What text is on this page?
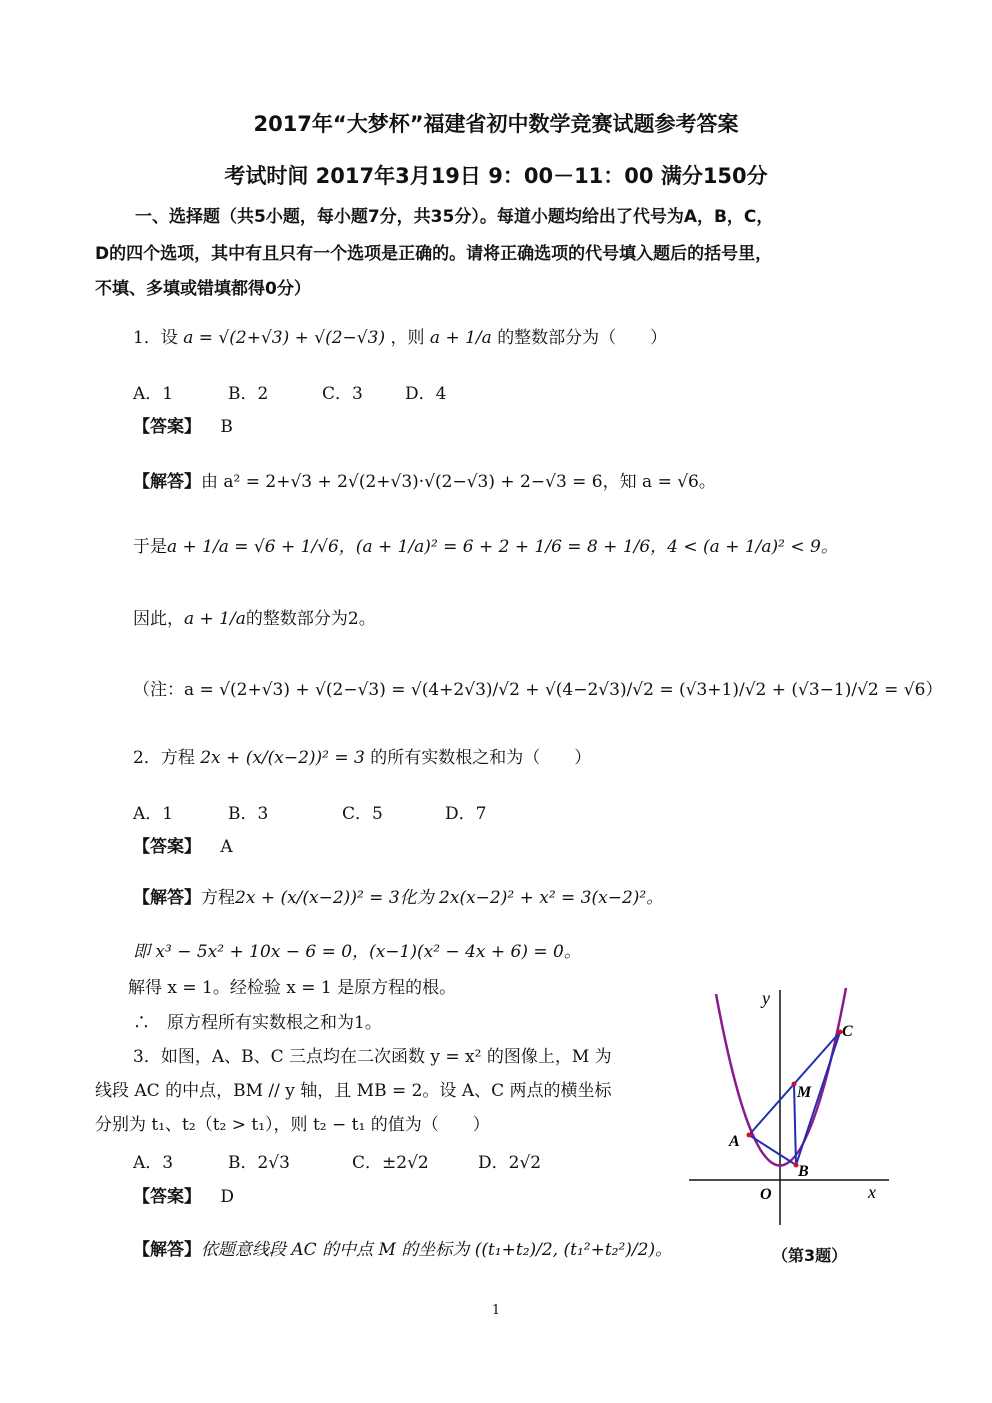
2017年“大梦杯”福建省初中数学竞赛试题参考答案
考试时间 2017年3月19日 9：00－11：00 满分150分
一、选择题（共5小题，每小题7分，共35分）。每道小题均给出了代号为A，B，C，
D的四个选项，其中有且只有一个选项是正确的。请将正确选项的代号填入题后的括号里，
不填、多填或错填都得0分）
1．设 a = √(2+√3) + √(2−√3) ，则 a + 1/a 的整数部分为（　　）
A．1	B．2	C．3 D．4
【答案】 B
【解答】由 a² = 2+√3 + 2√(2+√3)·√(2−√3) + 2−√3 = 6，知 a = √6。
于是a + 1/a = √6 + 1/√6，(a + 1/a)² = 6 + 2 + 1/6 = 8 + 1/6，4 < (a + 1/a)² < 9。
因此，a + 1/a的整数部分为2。
（注：a = √(2+√3) + √(2−√3) = √(4+2√3)/√2 + √(4−2√3)/√2 = (√3+1)/√2 + (√3−1)/√2 = √6）
2．方程 2x + (x/(x−2))² = 3 的所有实数根之和为（　　）
A．1	B．3	C．5	D．7
【答案】 A
【解答】方程2x + (x/(x−2))² = 3化为 2x(x−2)² + x² = 3(x−2)²。
即 x³ − 5x² + 10x − 6 = 0，(x−1)(x² − 4x + 6) = 0。
解得 x = 1。经检验 x = 1 是原方程的根。
∴　原方程所有实数根之和为1。
3．如图，A、B、C 三点均在二次函数 y = x² 的图像上，M 为
线段 AC 的中点，BM // y 轴，且 MB = 2。设 A、C 两点的横坐标
分别为 t₁、t₂（t₂ > t₁），则 t₂ − t₁ 的值为（　　）
A．3	B．2√3	C．±2√2	D．2√2
【答案】 D
【解答】依题意线段 AC 的中点 M 的坐标为 ((t₁+t₂)/2, (t₁²+t₂²)/2)。
y
x
O
A
B
C
M
（第3题）
1
